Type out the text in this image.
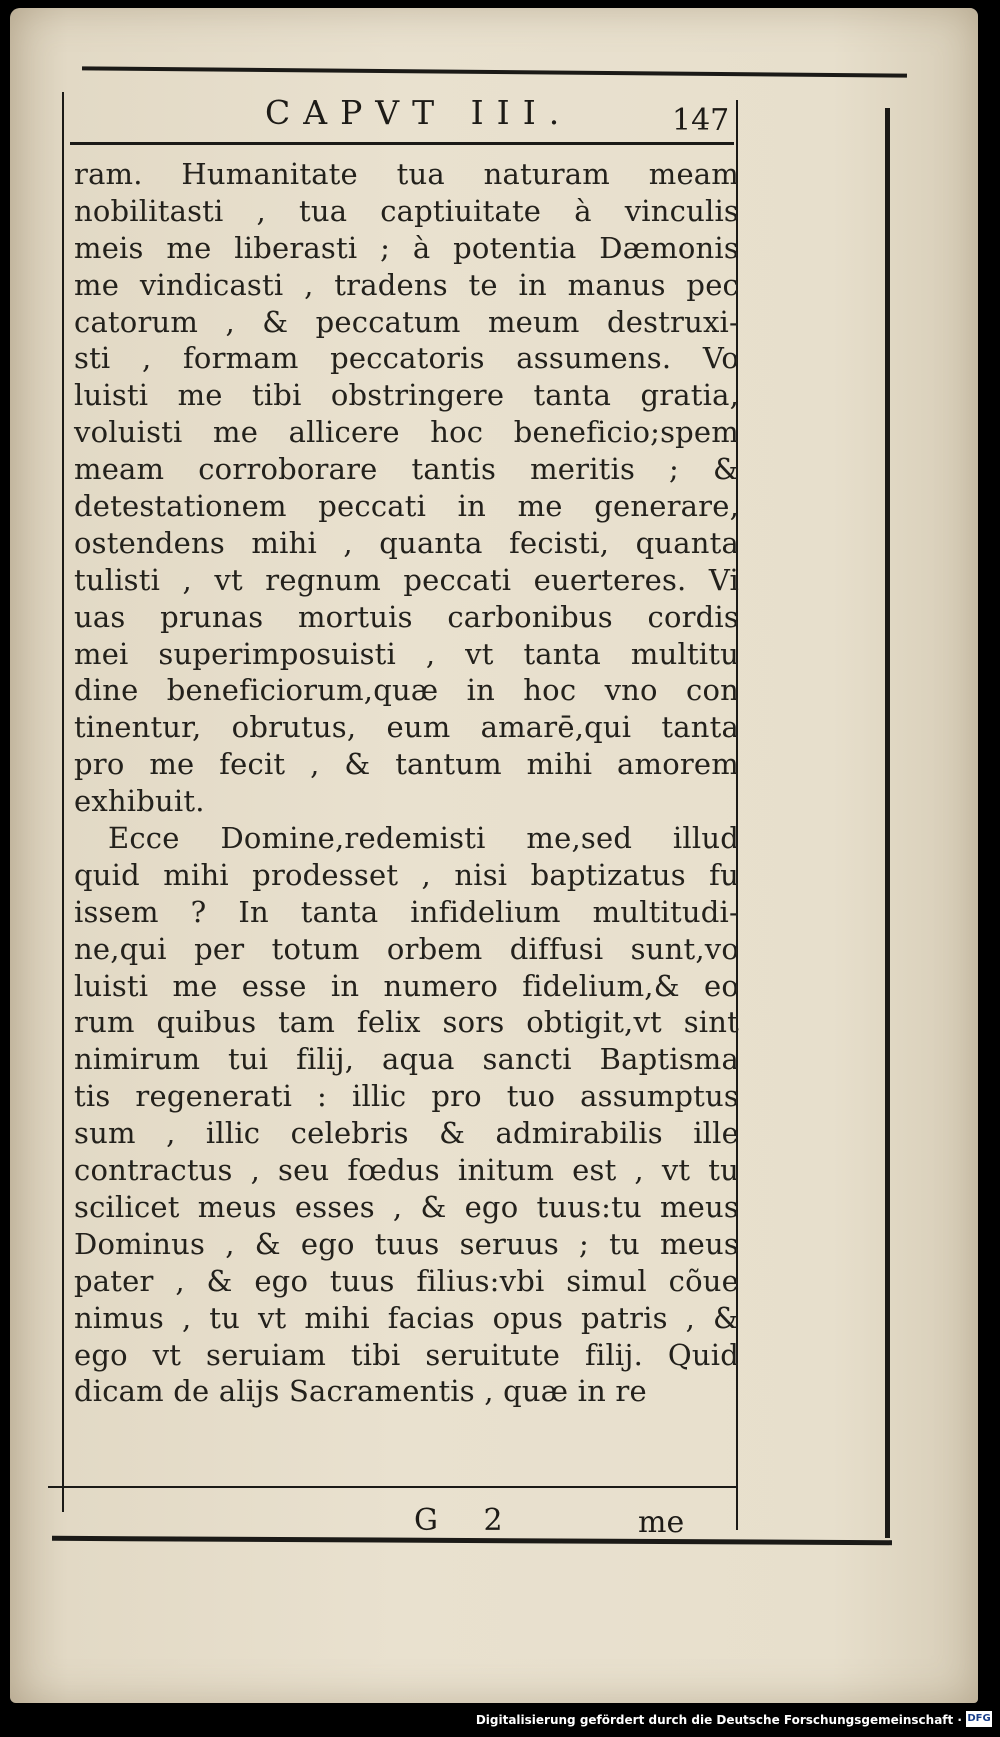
CAPVT III.	147
ram. Humanitate tua naturam meam
nobilitasti , tua captiuitate à vinculis
meis me liberasti ; à potentia Dæmonis
me vindicasti , tradens te in manus pec
catorum , & peccatum meum destruxi-
sti , formam peccatoris assumens. Vo
luisti me tibi obstringere tanta gratia,
voluisti me allicere hoc beneficio;spem
meam corroborare tantis meritis ; &
detestationem peccati in me generare,
ostendens mihi , quanta fecisti, quanta
tulisti , vt regnum peccati euerteres. Vi
uas prunas mortuis carbonibus cordis
mei superimposuisti , vt tanta multitu
dine beneficiorum,quæ in hoc vno con
tinentur, obrutus, eum amarē,qui tanta
pro me fecit , & tantum mihi amorem
exhibuit.
Ecce Domine,redemisti me,sed illud
quid mihi prodesset , nisi baptizatus fu
issem ? In tanta infidelium multitudi-
ne,qui per totum orbem diffusi sunt,vo
luisti me esse in numero fidelium,& eo
rum quibus tam felix sors obtigit,vt sint
nimirum tui filij, aqua sancti Baptisma
tis regenerati : illic pro tuo assumptus
sum , illic celebris & admirabilis ille
contractus , seu fœdus initum est , vt tu
scilicet meus esses , & ego tuus:tu meus
Dominus , & ego tuus seruus ; tu meus
pater , & ego tuus filius:vbi simul cõue
nimus , tu vt mihi facias opus patris , &
ego vt seruiam tibi seruitute filij. Quid
dicam de alijs Sacramentis , quæ in re
G 2	me
Digitalisierung gefördert durch die Deutsche Forschungsgemeinschaft · DFG
